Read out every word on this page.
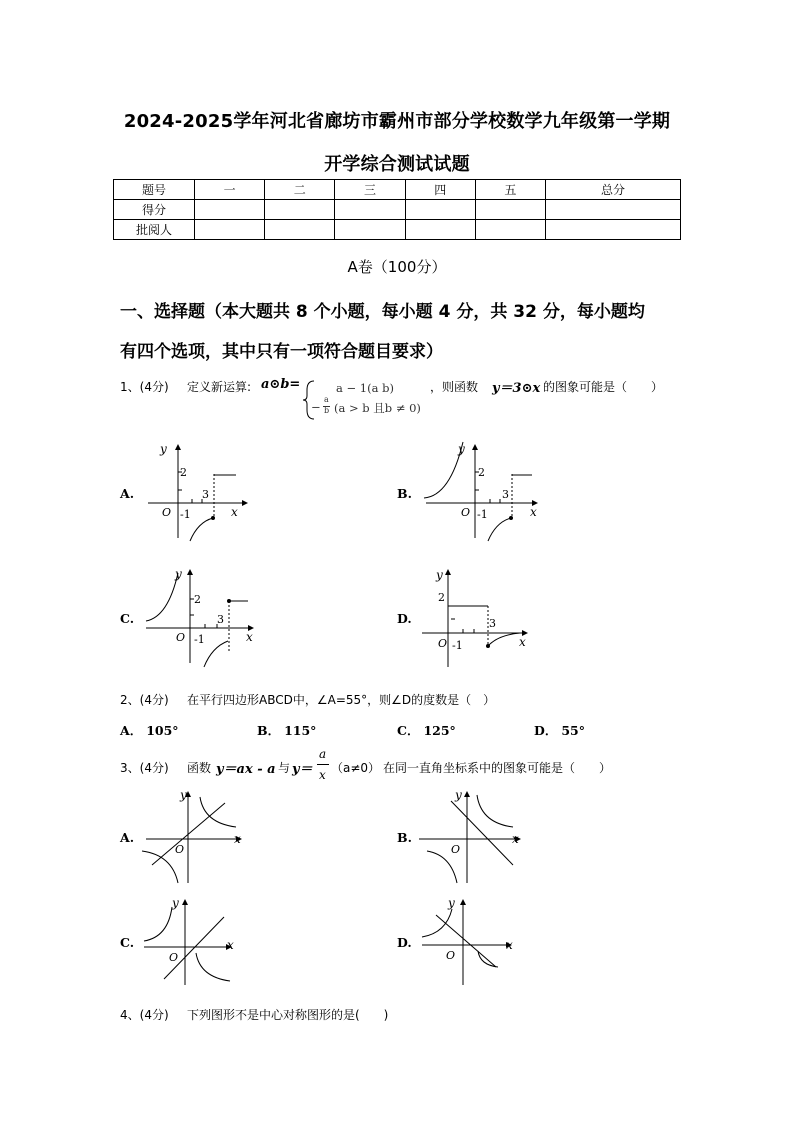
2024-2025学年河北省廊坊市霸州市部分学校数学九年级第一学期
开学综合测试试题
题号	一	二	三	四	五	总分
得分						
批阅人						
A卷（100分）
一、选择题（本大题共 8 个小题，每小题 4 分，共 32 分，每小题均
有四个选项，其中只有一项符合题目要求）
1、(4分) 定义新运算: a⊙b=	a − 1(a b)
−
a
b (a > b 且b ≠ 0)
，则函数 y＝3⊙x 的图象可能是（　　）
A.	B.
C.	D.
y
x
O
2
3
-1
y
x
O
2
3
-1
y
x
O
2
3
-1
y
x
O
2
3
-1
2、(4分) 在平行四边形ABCD中，∠A=55°，则∠D的度数是（　）
A． 105°	B． 115°	C． 125°	D． 55°
3、(4分) 函数 y＝ax - a 与 y＝
a
x （a≠0） 在同一直角坐标系中的图象可能是（　　）
A.	B.
C.	D.
y
x
O
y
x
O
y
x
O
y
x
O
4、(4分) 下列图形不是中心对称图形的是(　　)
